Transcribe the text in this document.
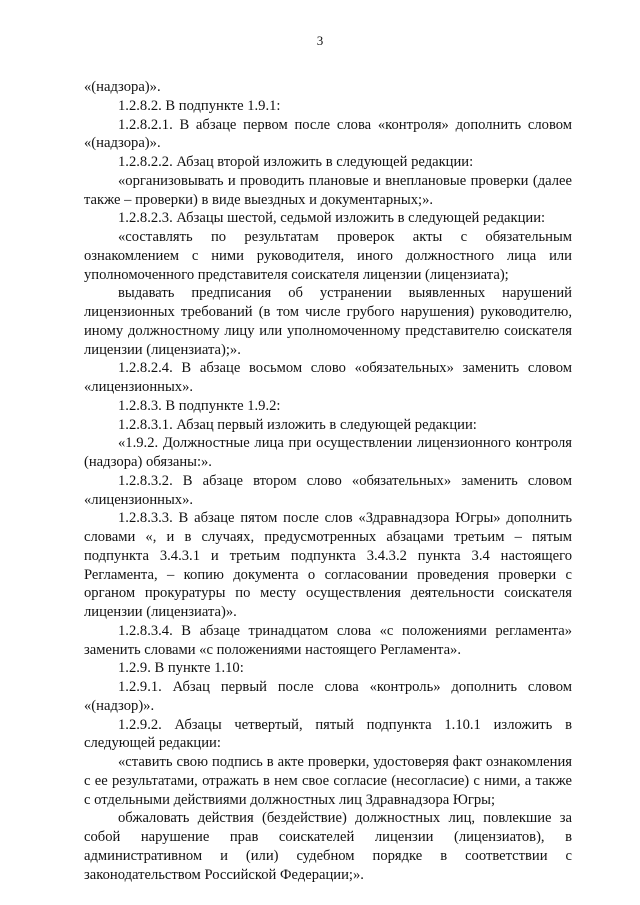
3

«(надзора)».

1.2.8.2. В подпункте 1.9.1:

1.2.8.2.1. В абзаце первом после слова «контроля» дополнить словом «(надзора)».

1.2.8.2.2. Абзац второй изложить в следующей редакции:

«организовывать и проводить плановые и внеплановые проверки (далее также – проверки) в виде выездных и документарных;».

1.2.8.2.3. Абзацы шестой, седьмой изложить в следующей редакции:

«составлять по результатам проверок акты с обязательным ознакомлением с ними руководителя, иного должностного лица или уполномоченного представителя соискателя лицензии (лицензиата);

выдавать предписания об устранении выявленных нарушений лицензионных требований (в том числе грубого нарушения) руководителю, иному должностному лицу или уполномоченному представителю соискателя лицензии (лицензиата);».

1.2.8.2.4. В абзаце восьмом слово «обязательных» заменить словом «лицензионных».

1.2.8.3. В подпункте 1.9.2:

1.2.8.3.1. Абзац первый изложить в следующей редакции:

«1.9.2. Должностные лица при осуществлении лицензионного контроля (надзора) обязаны:».

1.2.8.3.2. В абзаце втором слово «обязательных» заменить словом «лицензионных».

1.2.8.3.3. В абзаце пятом после слов «Здравнадзора Югры» дополнить словами «, и в случаях, предусмотренных абзацами третьим – пятым подпункта 3.4.3.1 и третьим подпункта 3.4.3.2 пункта 3.4 настоящего Регламента, – копию документа о согласовании проведения проверки с органом прокуратуры по месту осуществления деятельности соискателя лицензии (лицензиата)».

1.2.8.3.4. В абзаце тринадцатом слова «с положениями регламента» заменить словами «с положениями настоящего Регламента».

1.2.9. В пункте 1.10:

1.2.9.1. Абзац первый после слова «контроль» дополнить словом «(надзор)».

1.2.9.2. Абзацы четвертый, пятый подпункта 1.10.1 изложить в следующей редакции:

«ставить свою подпись в акте проверки, удостоверяя факт ознакомления с ее результатами, отражать в нем свое согласие (несогласие) с ними, а также с отдельными действиями должностных лиц Здравнадзора Югры;

обжаловать действия (бездействие) должностных лиц, повлекшие за собой нарушение прав соискателей лицензии (лицензиатов), в административном и (или) судебном порядке в соответствии с законодательством Российской Федерации;».
